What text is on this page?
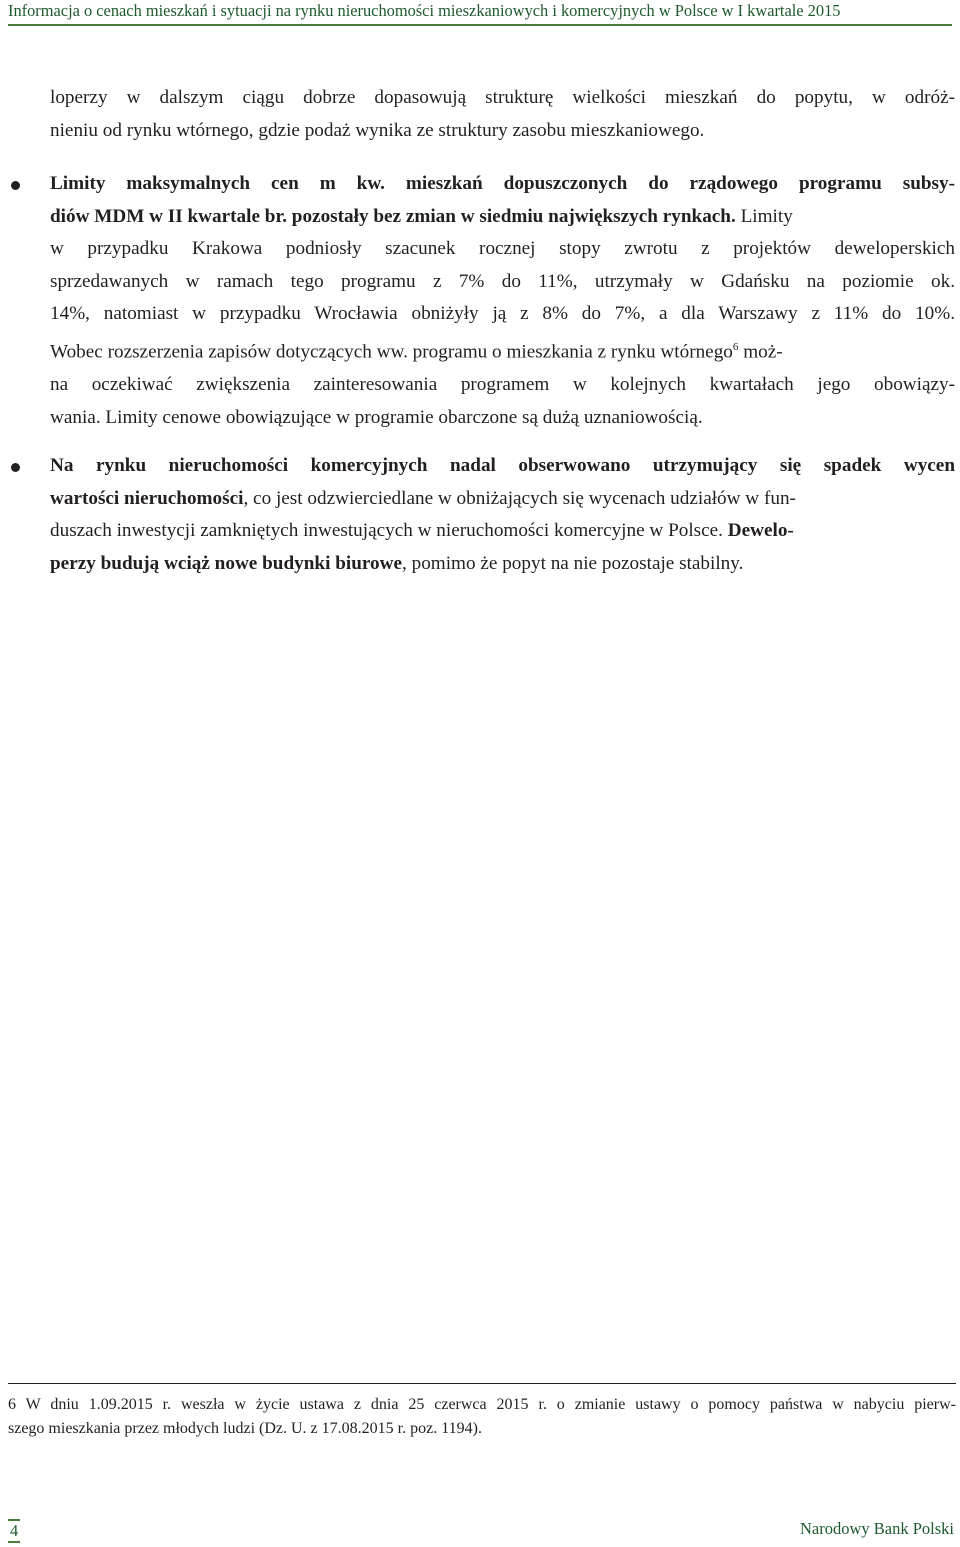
Informacja o cenach mieszkań i sytuacji na rynku nieruchomości mieszkaniowych i komercyjnych w Polsce w I kwartale 2015
loperzy w dalszym ciągu dobrze dopasowują strukturę wielkości mieszkań do popytu, w odróż-
nieniu od rynku wtórnego, gdzie podaż wynika ze struktury zasobu mieszkaniowego.
Limity maksymalnych cen m kw. mieszkań dopuszczonych do rządowego programu subsy-
diów MDM w II kwartale br. pozostały bez zmian w siedmiu największych rynkach. Limity
w przypadku Krakowa podniosły szacunek rocznej stopy zwrotu z projektów deweloperskich
sprzedawanych w ramach tego programu z 7% do 11%, utrzymały w Gdańsku na poziomie ok.
14%, natomiast w przypadku Wrocławia obniżyły ją z 8% do 7%, a dla Warszawy z 11% do 10%.
Wobec rozszerzenia zapisów dotyczących ww. programu o mieszkania z rynku wtórnego$^6$ moż-
na oczekiwać zwiększenia zainteresowania programem w kolejnych kwartałach jego obowiązy-
wania. Limity cenowe obowiązujące w programie obarczone są dużą uznaniowością.
Na rynku nieruchomości komercyjnych nadal obserwowano utrzymujący się spadek wycen
wartości nieruchomości, co jest odzwierciedlane w obniżających się wycenach udziałów w fun-
duszach inwestycji zamkniętych inwestujących w nieruchomości komercyjne w Polsce. Dewelo-
perzy budują wciąż nowe budynki biurowe, pomimo że popyt na nie pozostaje stabilny.
6 W dniu 1.09.2015 r. weszła w życie ustawa z dnia 25 czerwca 2015 r. o zmianie ustawy o pomocy państwa w nabyciu pierw-
szego mieszkania przez młodych ludzi (Dz. U. z 17.08.2015 r. poz. 1194).
4	Narodowy Bank Polski
